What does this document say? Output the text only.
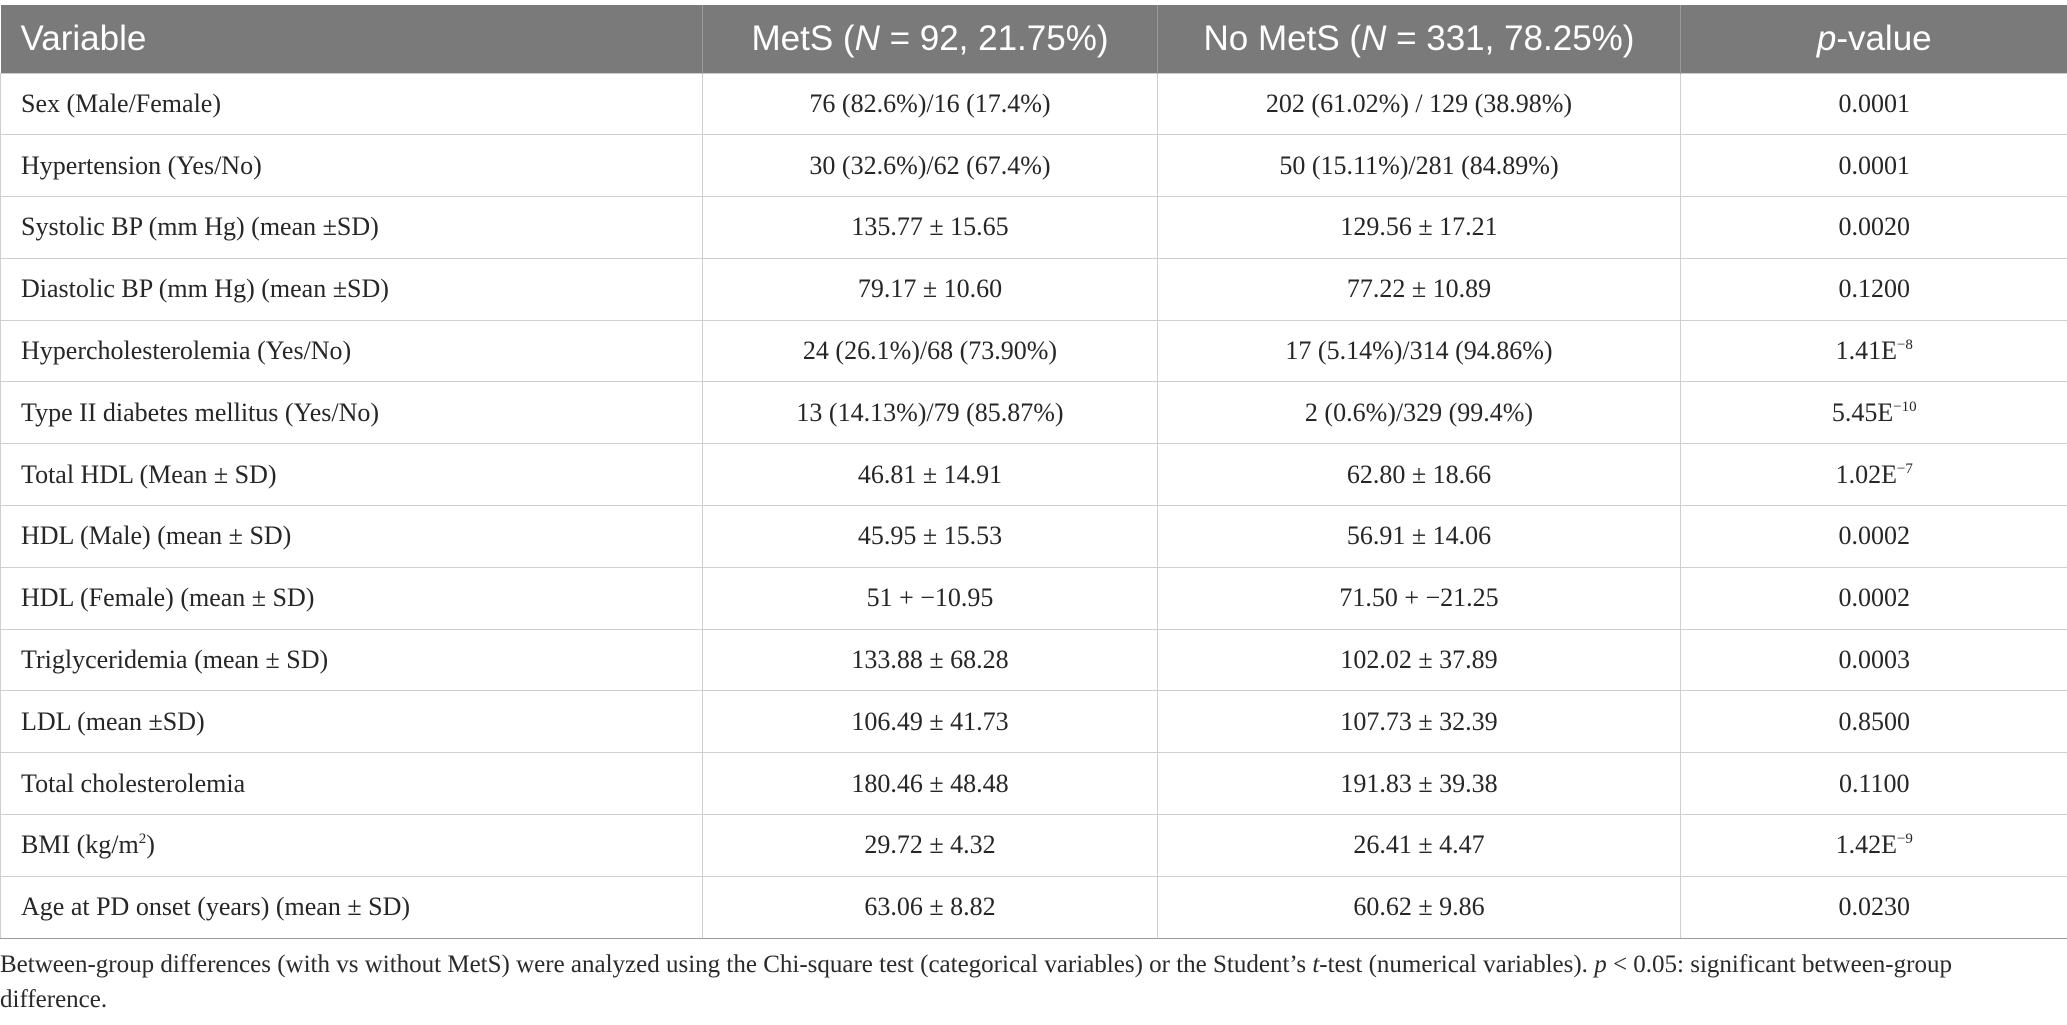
Variable	MetS (N = 92, 21.75%)	No MetS (N = 331, 78.25%)	p-value
Sex (Male/Female)	76 (82.6%)/16 (17.4%)	202 (61.02%) / 129 (38.98%)	0.0001
Hypertension (Yes/No)	30 (32.6%)/62 (67.4%)	50 (15.11%)/281 (84.89%)	0.0001
Systolic BP (mm Hg) (mean ±SD)	135.77 ± 15.65	129.56 ± 17.21	0.0020
Diastolic BP (mm Hg) (mean ±SD)	79.17 ± 10.60	77.22 ± 10.89	0.1200
Hypercholesterolemia (Yes/No)	24 (26.1%)/68 (73.90%)	17 (5.14%)/314 (94.86%)	$1.41E^{-8}$
Type II diabetes mellitus (Yes/No)	13 (14.13%)/79 (85.87%)	2 (0.6%)/329 (99.4%)	$5.45E^{-10}$
Total HDL (Mean ± SD)	46.81 ± 14.91	62.80 ± 18.66	$1.02E^{-7}$
HDL (Male) (mean ± SD)	45.95 ± 15.53	56.91 ± 14.06	0.0002
HDL (Female) (mean ± SD)	51 + −10.95	71.50 + −21.25	0.0002
Triglyceridemia (mean ± SD)	133.88 ± 68.28	102.02 ± 37.89	0.0003
LDL (mean ±SD)	106.49 ± 41.73	107.73 ± 32.39	0.8500
Total cholesterolemia	180.46 ± 48.48	191.83 ± 39.38	0.1100
BMI $(kg/m^2)$	29.72 ± 4.32	26.41 ± 4.47	$1.42E^{-9}$
Age at PD onset (years) (mean ± SD)	63.06 ± 8.82	60.62 ± 9.86	0.0230
Between-group differences (with vs without MetS) were analyzed using the Chi-square test (categorical variables) or the Student’s t-test (numerical variables). p < 0.05: significant between-group difference.
